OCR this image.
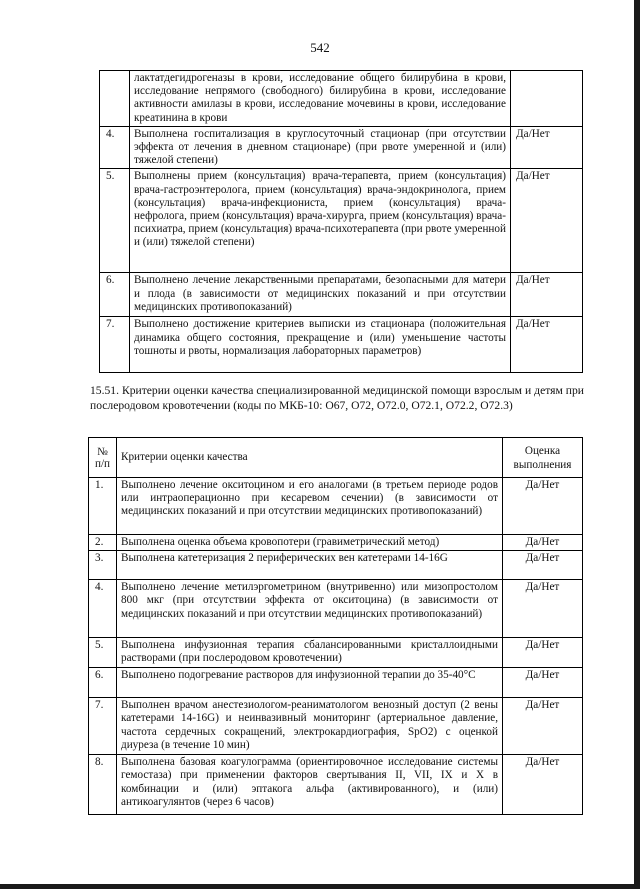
542
	лактатдегидрогеназы в крови, исследование общего билирубина в крови, исследование непрямого (свободного) билирубина в крови, исследование активности амилазы в крови, исследование мочевины в крови, исследование креатинина в крови	
4.	Выполнена госпитализация в круглосуточный стационар (при отсутствии эффекта от лечения в дневном стационаре) (при рвоте умеренной и (или) тяжелой степени)	Да/Нет
5.	Выполнены прием (консультация) врача-терапевта, прием (консультация) врача-гастроэнтеролога, прием (консультация) врача-эндокринолога, прием (консультация) врача-инфекциониста, прием (консультация) врача-нефролога, прием (консультация) врача-хирурга, прием (консультация) врача-психиатра, прием (консультация) врача-психотерапевта (при рвоте умеренной и (или) тяжелой степени)	Да/Нет
6.	Выполнено лечение лекарственными препаратами, безопасными для матери и плода (в зависимости от медицинских показаний и при отсутствии медицинских противопоказаний)	Да/Нет
7.	Выполнено достижение критериев выписки из стационара (положительная динамика общего состояния, прекращение и (или) уменьшение частоты тошноты и рвоты, нормализация лабораторных параметров)	Да/Нет
15.51. Критерии оценки качества специализированной медицинской помощи взрослым и детям при послеродовом кровотечении (коды по МКБ-10: O67, O72, O72.0, O72.1, O72.2, O72.3)
№ п/п	Критерии оценки качества	Оценка выполнения
1.	Выполнено лечение окситоцином и его аналогами (в третьем периоде родов или интраоперационно при кесаревом сечении) (в зависимости от медицинских показаний и при отсутствии медицинских противопоказаний)	Да/Нет
2.	Выполнена оценка объема кровопотери (гравиметрический метод)	Да/Нет
3.	Выполнена катетеризация 2 периферических вен катетерами 14-16G	Да/Нет
4.	Выполнено лечение метилэргометрином (внутривенно) или мизопростолом 800 мкг (при отсутствии эффекта от окситоцина) (в зависимости от медицинских показаний и при отсутствии медицинских противопоказаний)	Да/Нет
5.	Выполнена инфузионная терапия сбалансированными кристаллоидными растворами (при послеродовом кровотечении)	Да/Нет
6.	Выполнено подогревание растворов для инфузионной терапии до 35-40°С	Да/Нет
7.	Выполнен врачом анестезиологом-реаниматологом венозный доступ (2 вены катетерами 14-16G) и неинвазивный мониторинг (артериальное давление, частота сердечных сокращений, электрокардиография, SpO2) с оценкой диуреза (в течение 10 мин)	Да/Нет
8.	Выполнена базовая коагулограмма (ориентировочное исследование системы гемостаза) при применении факторов свертывания II, VII, IX и X в комбинации и (или) эптакога альфа (активированного), и (или) антикоагулянтов (через 6 часов)	Да/Нет
